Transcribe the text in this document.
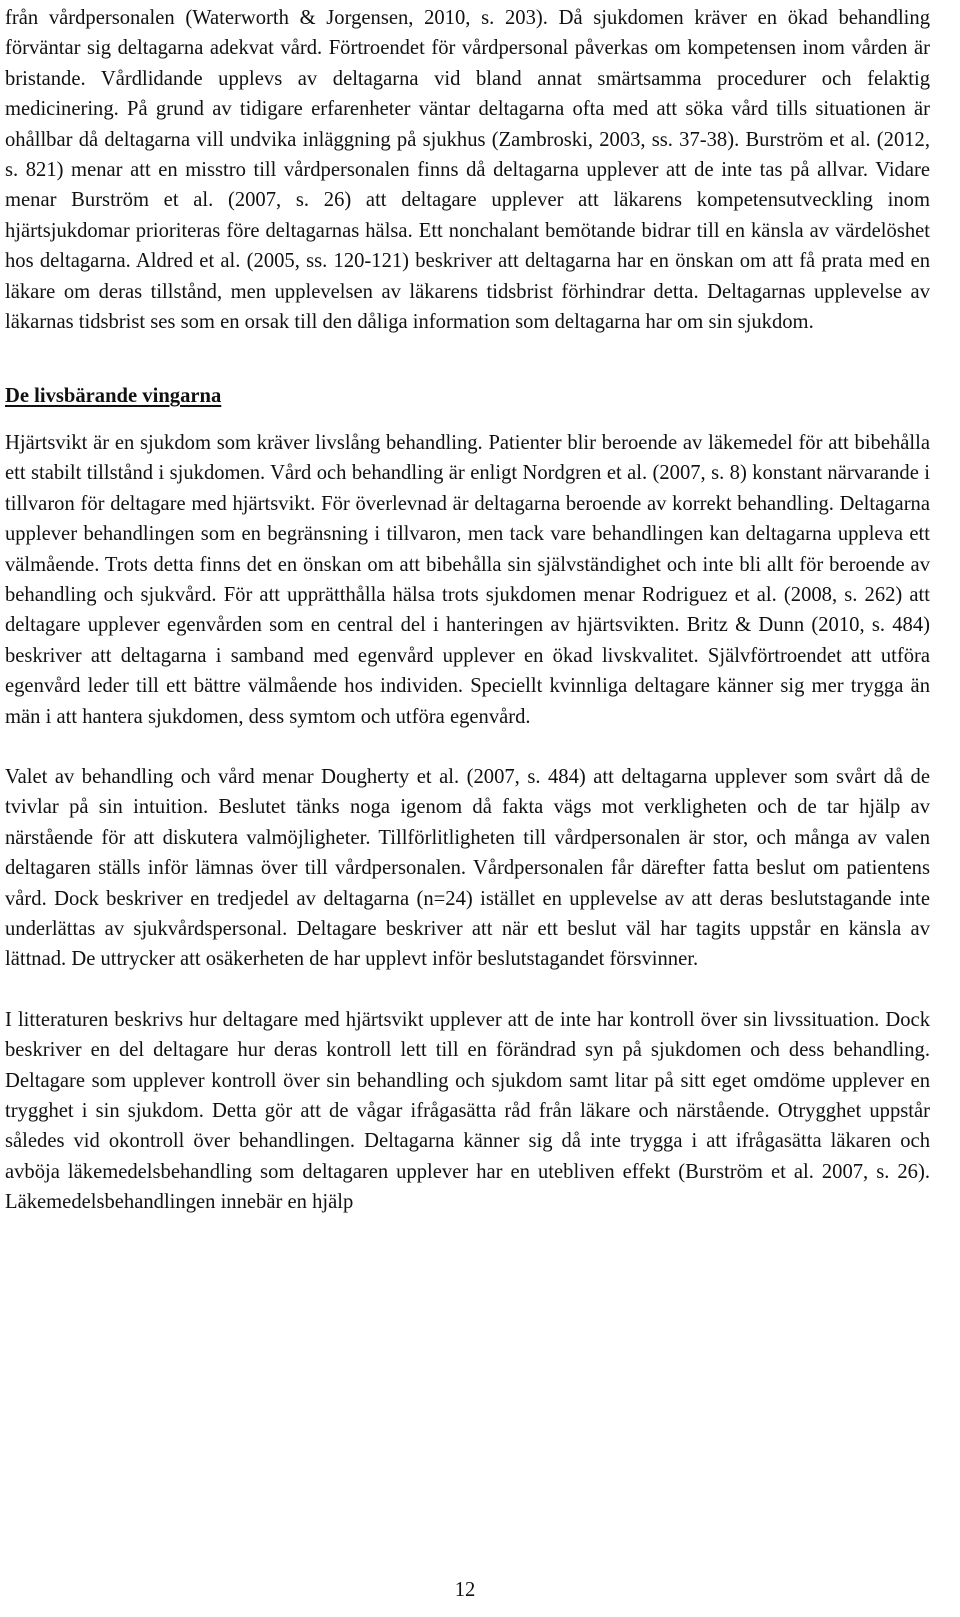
från vårdpersonalen (Waterworth & Jorgensen, 2010, s. 203). Då sjukdomen kräver en ökad behandling förväntar sig deltagarna adekvat vård. Förtroendet för vårdpersonal påverkas om kompetensen inom vården är bristande. Vårdlidande upplevs av deltagarna vid bland annat smärtsamma procedurer och felaktig medicinering. På grund av tidigare erfarenheter väntar deltagarna ofta med att söka vård tills situationen är ohållbar då deltagarna vill undvika inläggning på sjukhus (Zambroski, 2003, ss. 37-38). Burström et al. (2012, s. 821) menar att en misstro till vårdpersonalen finns då deltagarna upplever att de inte tas på allvar. Vidare menar Burström et al. (2007, s. 26) att deltagare upplever att läkarens kompetensutveckling inom hjärtsjukdomar prioriteras före deltagarnas hälsa. Ett nonchalant bemötande bidrar till en känsla av värdelöshet hos deltagarna. Aldred et al. (2005, ss. 120-121) beskriver att deltagarna har en önskan om att få prata med en läkare om deras tillstånd, men upplevelsen av läkarens tidsbrist förhindrar detta. Deltagarnas upplevelse av läkarnas tidsbrist ses som en orsak till den dåliga information som deltagarna har om sin sjukdom.

De livsbärande vingarna

Hjärtsvikt är en sjukdom som kräver livslång behandling. Patienter blir beroende av läkemedel för att bibehålla ett stabilt tillstånd i sjukdomen. Vård och behandling är enligt Nordgren et al. (2007, s. 8) konstant närvarande i tillvaron för deltagare med hjärtsvikt. För överlevnad är deltagarna beroende av korrekt behandling. Deltagarna upplever behandlingen som en begränsning i tillvaron, men tack vare behandlingen kan deltagarna uppleva ett välmående. Trots detta finns det en önskan om att bibehålla sin självständighet och inte bli allt för beroende av behandling och sjukvård. För att upprätthålla hälsa trots sjukdomen menar Rodriguez et al. (2008, s. 262) att deltagare upplever egenvården som en central del i hanteringen av hjärtsvikten. Britz & Dunn (2010, s. 484) beskriver att deltagarna i samband med egenvård upplever en ökad livskvalitet. Självförtroendet att utföra egenvård leder till ett bättre välmående hos individen. Speciellt kvinnliga deltagare känner sig mer trygga än män i att hantera sjukdomen, dess symtom och utföra egenvård.

Valet av behandling och vård menar Dougherty et al. (2007, s. 484) att deltagarna upplever som svårt då de tvivlar på sin intuition. Beslutet tänks noga igenom då fakta vägs mot verkligheten och de tar hjälp av närstående för att diskutera valmöjligheter. Tillförlitligheten till vårdpersonalen är stor, och många av valen deltagaren ställs inför lämnas över till vårdpersonalen. Vårdpersonalen får därefter fatta beslut om patientens vård. Dock beskriver en tredjedel av deltagarna (n=24) istället en upplevelse av att deras beslutstagande inte underlättas av sjukvårdspersonal. Deltagare beskriver att när ett beslut väl har tagits uppstår en känsla av lättnad. De uttrycker att osäkerheten de har upplevt inför beslutstagandet försvinner.

I litteraturen beskrivs hur deltagare med hjärtsvikt upplever att de inte har kontroll över sin livssituation. Dock beskriver en del deltagare hur deras kontroll lett till en förändrad syn på sjukdomen och dess behandling. Deltagare som upplever kontroll över sin behandling och sjukdom samt litar på sitt eget omdöme upplever en trygghet i sin sjukdom. Detta gör att de vågar ifrågasätta råd från läkare och närstående. Otrygghet uppstår således vid okontroll över behandlingen. Deltagarna känner sig då inte trygga i att ifrågasätta läkaren och avböja läkemedelsbehandling som deltagaren upplever har en utebliven effekt (Burström et al. 2007, s. 26). Läkemedelsbehandlingen innebär en hjälp

12
